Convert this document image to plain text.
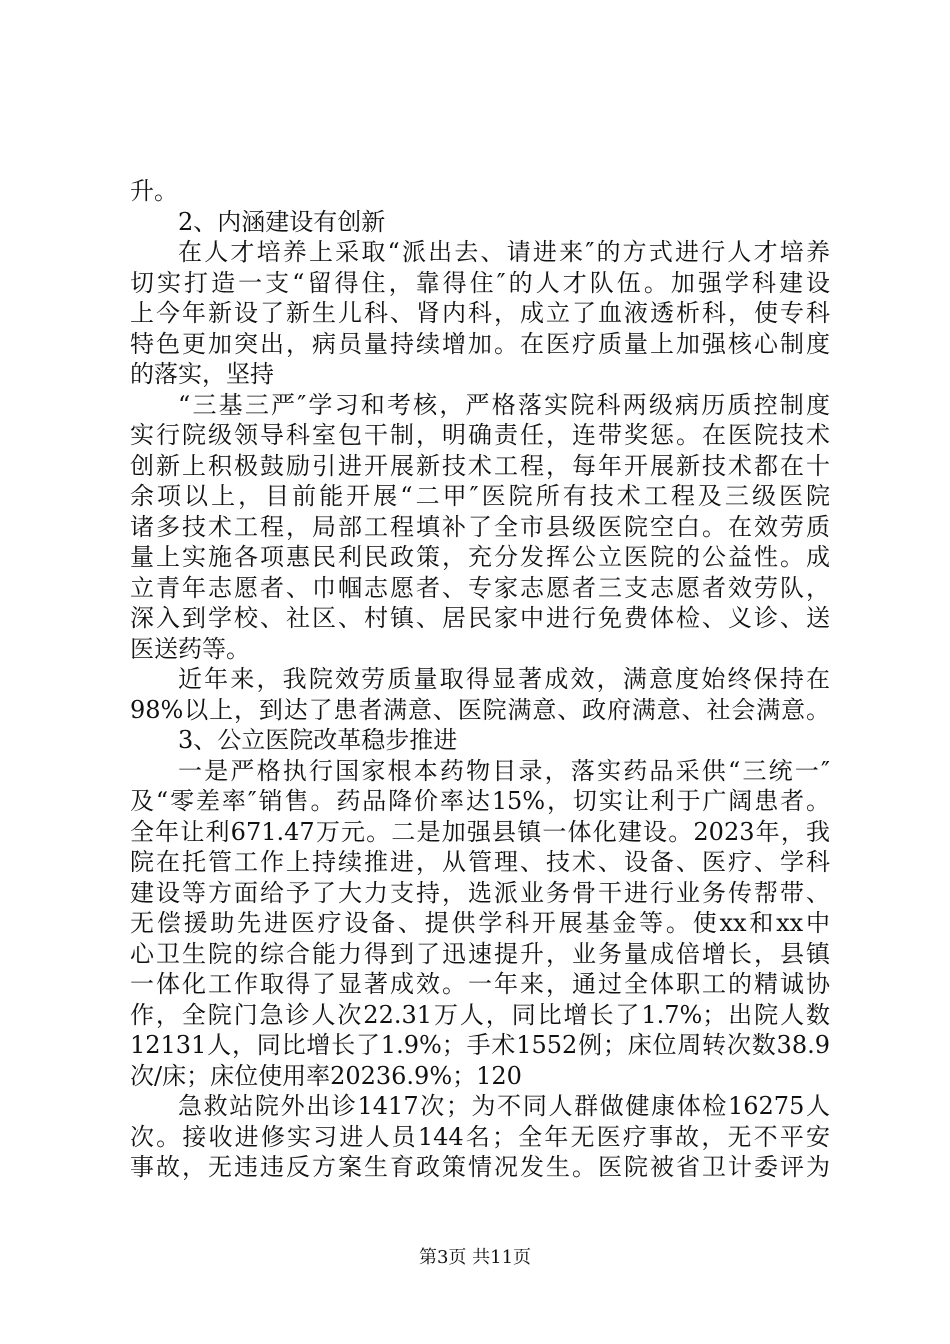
升。
2、内涵建设有创新
在人才培养上采取“派出去、请进来″的方式进行人才培养
切实打造一支“留得住，靠得住″的人才队伍。加强学科建设
上今年新设了新生儿科、肾内科，成立了血液透析科，使专科
特色更加突出，病员量持续增加。在医疗质量上加强核心制度
的落实，坚持
“三基三严″学习和考核，严格落实院科两级病历质控制度
实行院级领导科室包干制，明确责任，连带奖惩。在医院技术
创新上积极鼓励引进开展新技术工程，每年开展新技术都在十
余项以上，目前能开展“二甲″医院所有技术工程及三级医院
诸多技术工程，局部工程填补了全市县级医院空白。在效劳质
量上实施各项惠民利民政策，充分发挥公立医院的公益性。成
立青年志愿者、巾帼志愿者、专家志愿者三支志愿者效劳队，
深入到学校、社区、村镇、居民家中进行免费体检、义诊、送
医送药等。
近年来，我院效劳质量取得显著成效，满意度始终保持在
98%以上，到达了患者满意、医院满意、政府满意、社会满意。
3、公立医院改革稳步推进
一是严格执行国家根本药物目录，落实药品采供“三统一″
及“零差率″销售。药品降价率达15%，切实让利于广阔患者。
全年让利671.47万元。二是加强县镇一体化建设。2023年，我
院在托管工作上持续推进，从管理、技术、设备、医疗、学科
建设等方面给予了大力支持，选派业务骨干进行业务传帮带、
无偿援助先进医疗设备、提供学科开展基金等。使xx和xx中
心卫生院的综合能力得到了迅速提升，业务量成倍增长，县镇
一体化工作取得了显著成效。一年来，通过全体职工的精诚协
作，全院门急诊人次22.31万人，同比增长了1.7%；出院人数
12131人，同比增长了1.9%；手术1552例；床位周转次数38.9
次/床；床位使用率20236.9%；120
急救站院外出诊1417次；为不同人群做健康体检16275人
次。接收进修实习进人员144名；全年无医疗事故，无不平安
事故，无违违反方案生育政策情况发生。医院被省卫计委评为
第3页 共11页
